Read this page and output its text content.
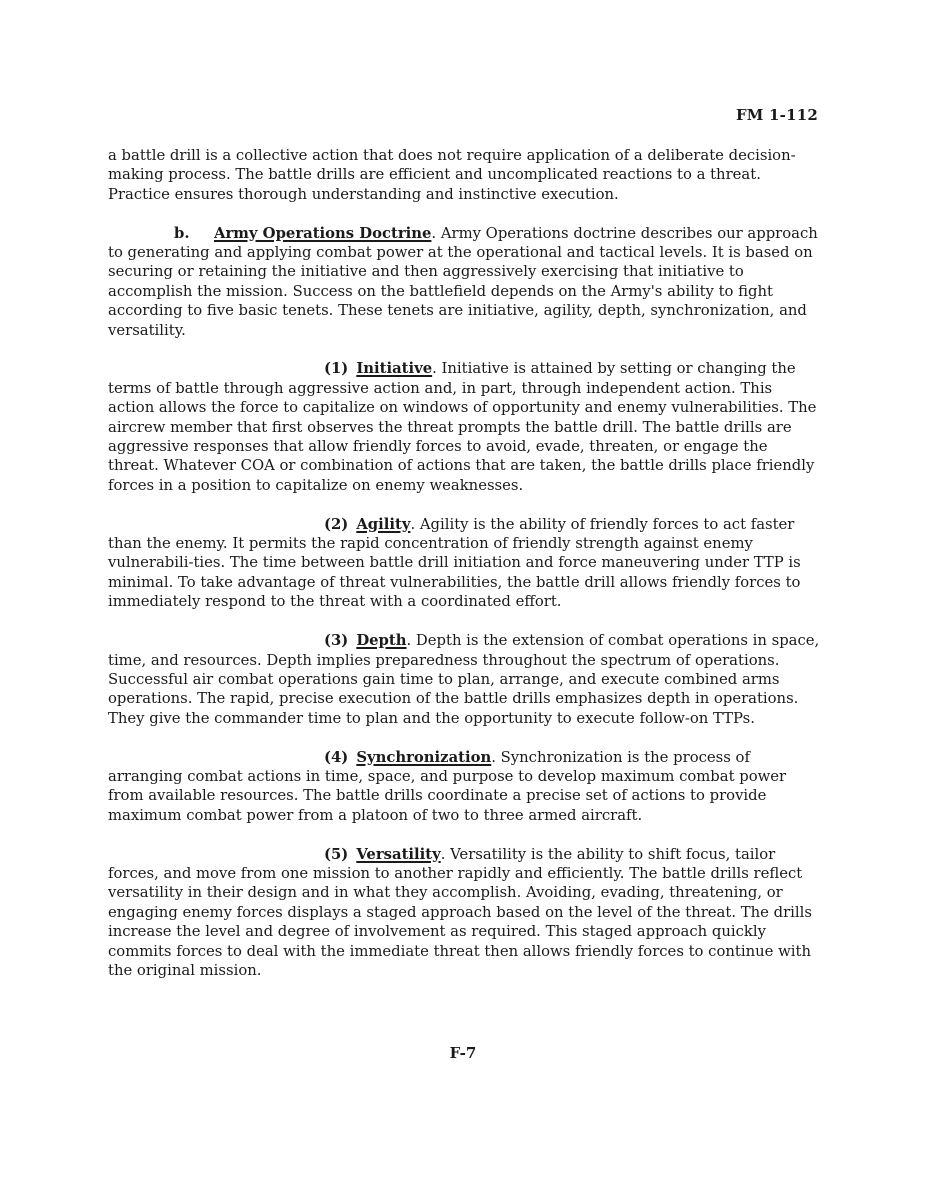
FM 1-112

a battle drill is a collective action that does not require application of a deliberate decision-making process. The battle drills are efficient and uncomplicated reactions to a threat. Practice ensures thorough understanding and instinctive execution.

b. Army Operations Doctrine. Army Operations doctrine describes our approach to generating and applying combat power at the operational and tactical levels. It is based on securing or retaining the initiative and then aggressively exercising that initiative to accomplish the mission. Success on the battlefield depends on the Army's ability to fight according to five basic tenets. These tenets are initiative, agility, depth, synchronization, and versatility.

(1) Initiative. Initiative is attained by setting or changing the terms of battle through aggressive action and, in part, through independent action. This action allows the force to capitalize on windows of opportunity and enemy vulnerabilities. The aircrew member that first observes the threat prompts the battle drill. The battle drills are aggressive responses that allow friendly forces to avoid, evade, threaten, or engage the threat. Whatever COA or combination of actions that are taken, the battle drills place friendly forces in a position to capitalize on enemy weaknesses.

(2) Agility. Agility is the ability of friendly forces to act faster than the enemy. It permits the rapid concentration of friendly strength against enemy vulnerabili-ties. The time between battle drill initiation and force maneuvering under TTP is minimal. To take advantage of threat vulnerabilities, the battle drill allows friendly forces to immediately respond to the threat with a coordinated effort.

(3) Depth. Depth is the extension of combat operations in space, time, and resources. Depth implies preparedness throughout the spectrum of operations. Successful air combat operations gain time to plan, arrange, and execute combined arms operations. The rapid, precise execution of the battle drills emphasizes depth in operations. They give the commander time to plan and the opportunity to execute follow-on TTPs.

(4) Synchronization. Synchronization is the process of arranging combat actions in time, space, and purpose to develop maximum combat power from available resources. The battle drills coordinate a precise set of actions to provide maximum combat power from a platoon of two to three armed aircraft.

(5) Versatility. Versatility is the ability to shift focus, tailor forces, and move from one mission to another rapidly and efficiently. The battle drills reflect versatility in their design and in what they accomplish. Avoiding, evading, threatening, or engaging enemy forces displays a staged approach based on the level of the threat. The drills increase the level and degree of involvement as required. This staged approach quickly commits forces to deal with the immediate threat then allows friendly forces to continue with the original mission.

F-7
